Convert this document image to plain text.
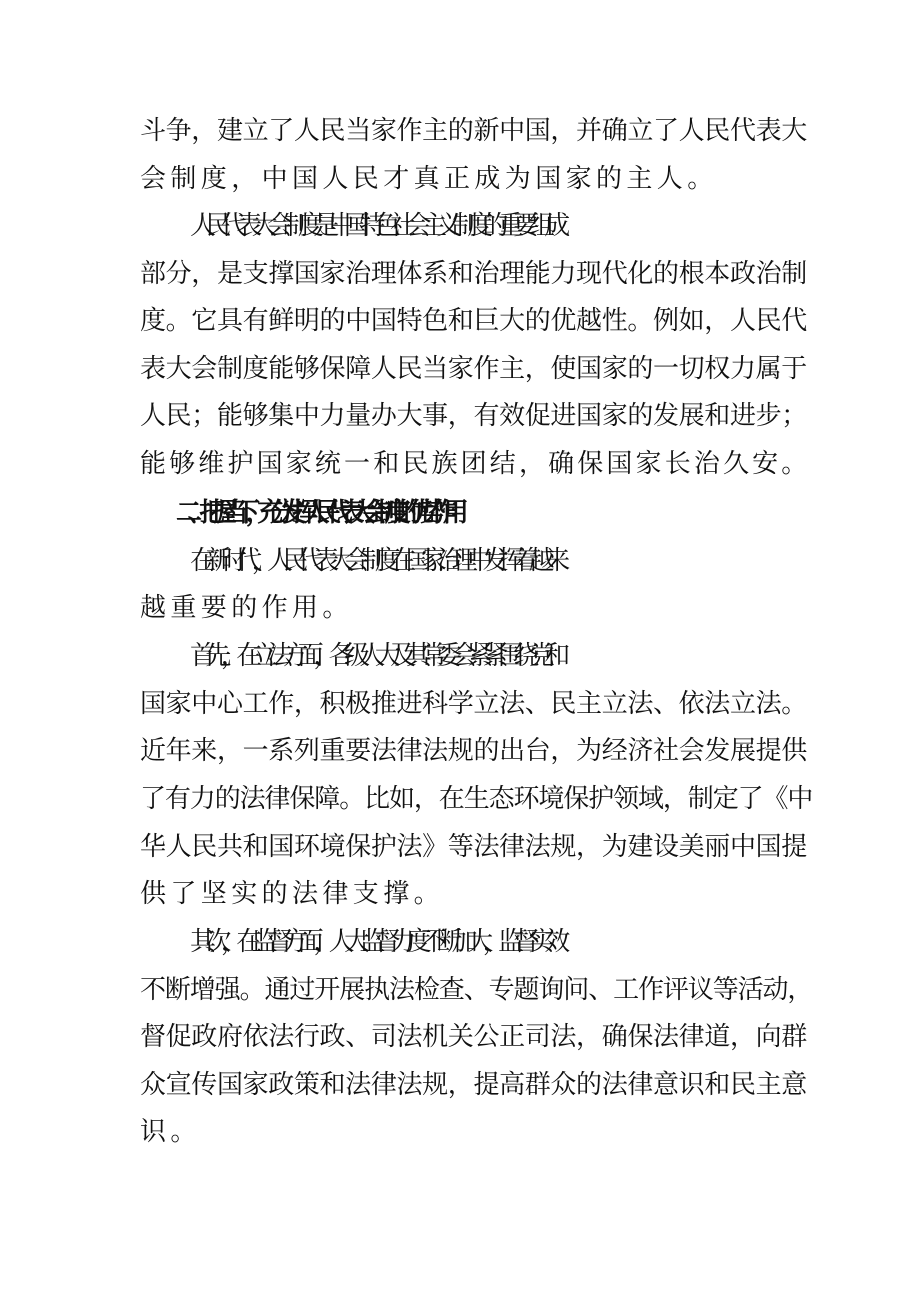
斗争，建立了人民当家作主的新中国，并确立了人民代表大
会制度，中国人民才真正成为国家的主人。
人民代表大会制度是中国特色社会主义制度的重要组成
部分，是支撑国家治理体系和治理能力现代化的根本政治制
度。它具有鲜明的中国特色和巨大的优越性。例如，人民代
表大会制度能够保障人民当家作主，使国家的一切权力属于
人民；能够集中力量办大事，有效促进国家的发展和进步；
能够维护国家统一和民族团结，确保国家长治久安。
二、把握当下，充分发挥人民代表大会制度的优势作用
在新时代，人民代表大会制度在国家治理中发挥着越来
越重要的作用。
首先，在立法方面，各级人大及其常委会紧紧围绕党和
国家中心工作，积极推进科学立法、民主立法、依法立法。
近年来，一系列重要法律法规的出台，为经济社会发展提供
了有力的法律保障。比如，在生态环境保护领域，制定了《中
华人民共和国环境保护法》等法律法规，为建设美丽中国提
供了坚实的法律支撑。
其次，在监督方面，人大监督力度不断加大，监督实效
不断增强。通过开展执法检查、专题询问、工作评议等活动，
督促政府依法行政、司法机关公正司法，确保法律道，向群
众宣传国家政策和法律法规，提高群众的法律意识和民主意
识。
